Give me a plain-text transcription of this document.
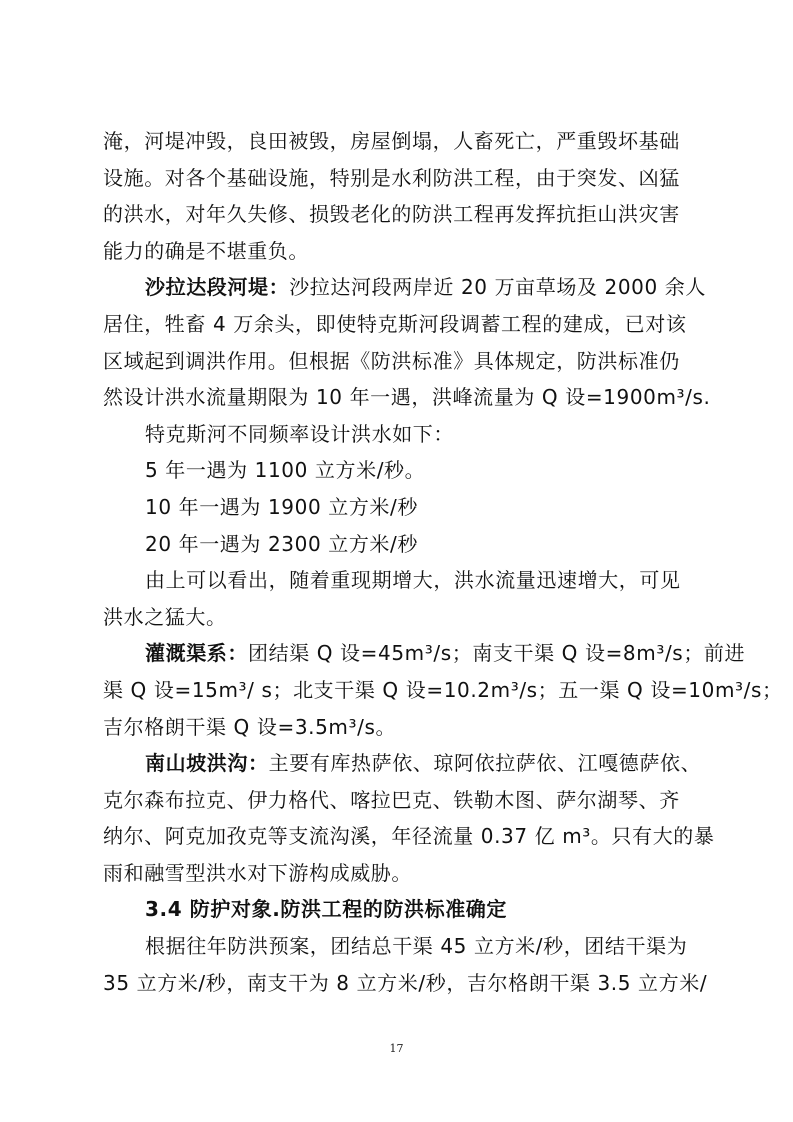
淹，河堤冲毁，良田被毁，房屋倒塌，人畜死亡，严重毁坏基础
设施。对各个基础设施，特别是水利防洪工程，由于突发、凶猛
的洪水，对年久失修、损毁老化的防洪工程再发挥抗拒山洪灾害
能力的确是不堪重负。
沙拉达段河堤：沙拉达河段两岸近 20 万亩草场及 2000 余人
居住，牲畜 4 万余头，即使特克斯河段调蓄工程的建成，已对该
区域起到调洪作用。但根据《防洪标准》具体规定，防洪标准仍
然设计洪水流量期限为 10 年一遇，洪峰流量为 Q 设=1900m³/s.
特克斯河不同频率设计洪水如下：
5 年一遇为 1100 立方米/秒。
10 年一遇为 1900 立方米/秒
20 年一遇为 2300 立方米/秒
由上可以看出，随着重现期增大，洪水流量迅速增大，可见
洪水之猛大。
灌溉渠系：团结渠 Q 设=45m³/s；南支干渠 Q 设=8m³/s；前进
渠 Q 设=15m³/ s；北支干渠 Q 设=10.2m³/s；五一渠 Q 设=10m³/s；
吉尔格朗干渠 Q 设=3.5m³/s。
南山坡洪沟：主要有库热萨依、琼阿依拉萨依、江嘎德萨依、
克尔森布拉克、伊力格代、喀拉巴克、铁勒木图、萨尔湖琴、齐
纳尔、阿克加孜克等支流沟溪，年径流量 0.37 亿 m³。只有大的暴
雨和融雪型洪水对下游构成威胁。
3.4 防护对象.防洪工程的防洪标准确定
根据往年防洪预案，团结总干渠 45 立方米/秒，团结干渠为
35 立方米/秒，南支干为 8 立方米/秒，吉尔格朗干渠 3.5 立方米/
17
